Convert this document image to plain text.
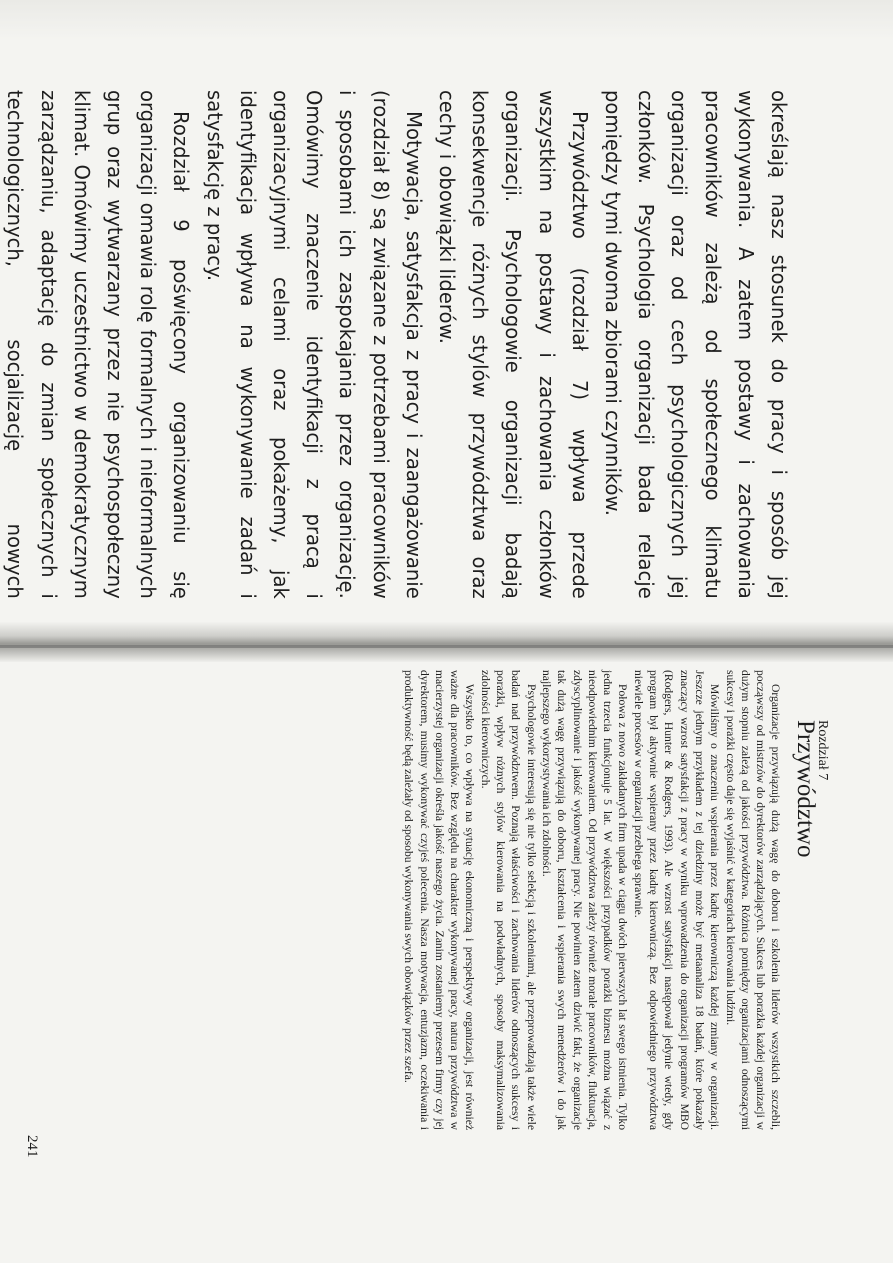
określają nasz stosunek do pracy i sposób jej wykonywania. A zatem postawy i zachowania pracowników zależą od społecznego klimatu organizacji oraz od cech psychologicznych jej członków. Psychologia organizacji bada relacje pomiędzy tymi dwoma zbiorami czynników.

Przywództwo (rozdział 7) wpływa przede wszystkim na postawy i zachowania członków organizacji. Psychologowie organizacji badają konsekwencje różnych stylów przywództwa oraz cechy i obowiązki liderów.

Motywacja, satysfakcja z pracy i zaangażowanie (rozdział 8) są związane z potrzebami pracowników i sposobami ich zaspokajania przez organizację. Omówimy znaczenie identyfikacji z pracą i organizacyjnymi celami oraz pokażemy, jak identyfikacja wpływa na wykonywanie zadań i satysfakcję z pracy.

Rozdział 9 poświęcony organizowaniu się organizacji omawia rolę formalnych i nieformalnych grup oraz wytwarzany przez nie psychospołeczny klimat. Omówimy uczestnictwo w demokratycznym zarządzaniu, adaptację do zmian społecznych i technologicznych, socjalizację nowych

Rozdział 7
Przywództwo

Organizacje przywiązują dużą wagę do doboru i szkolenia liderów wszystkich szczebli, począwszy od mistrzów do dyrektorów zarządzających. Sukces lub porażka każdej organizacji w dużym stopniu zależą od jakości przywództwa. Różnica pomiędzy organizacjami odnoszącymi sukcesy i porażki często daje się wyjaśnić w kategoriach kierowania ludźmi.

Mówiliśmy o znaczeniu wspierania przez kadrę kierowniczą każdej zmiany w organizacji. Jeszcze jednym przykładem z tej dziedziny może być metaanaliza 18 badań, które pokazały znaczący wzrost satysfakcji z pracy w wyniku wprowadzenia do organizacji programów MBO (Rodgers, Hunter & Rodgers, 1993). Ale wzrost satysfakcji następował jedynie wtedy, gdy program był aktywnie wspierany przez kadrę kierowniczą. Bez odpowiedniego przywództwa niewiele procesów w organizacji przebiega sprawnie.

Połowa z nowo zakładanych firm upada w ciągu dwóch pierwszych lat swego istnienia. Tylko jedna trzecia funkcjonuje 5 lat. W większości przypadków porażki biznesu można wiązać z nieodpowiednim kierowaniem. Od przywództwa zależy również morale pracowników, fluktuacja, zdyscyplinowanie i jakość wykonywanej pracy. Nie powinien zatem dziwić fakt, że organizacje tak dużą wagę przywiązują do doboru, kształcenia i wspierania swych menedżerów i do jak najlepszego wykorzystywania ich zdolności.

Psychologowie interesują się nie tylko selekcją i szkoleniami, ale przeprowadzają także wiele badań nad przywództwem. Poznają właściwości i zachowania liderów odnoszących sukcesy i porażki, wpływ różnych stylów kierowania na podwładnych, sposoby maksymalizowania zdolności kierowniczych.

Wszystko to, co wpływa na sytuację ekonomiczną i perspektywy organizacji, jest również ważne dla pracowników. Bez względu na charakter wykonywanej pracy, natura przywództwa w macierzystej organizacji określa jakość naszego życia. Zanim zostaniemy prezesem firmy czy jej dyrektorem, musimy wykonywać czyjeś polecenia. Nasza motywacja, entuzjazm, oczekiwania i produktywność będą zależały od sposobu wykonywania swych obowiązków przez szefa.

241
